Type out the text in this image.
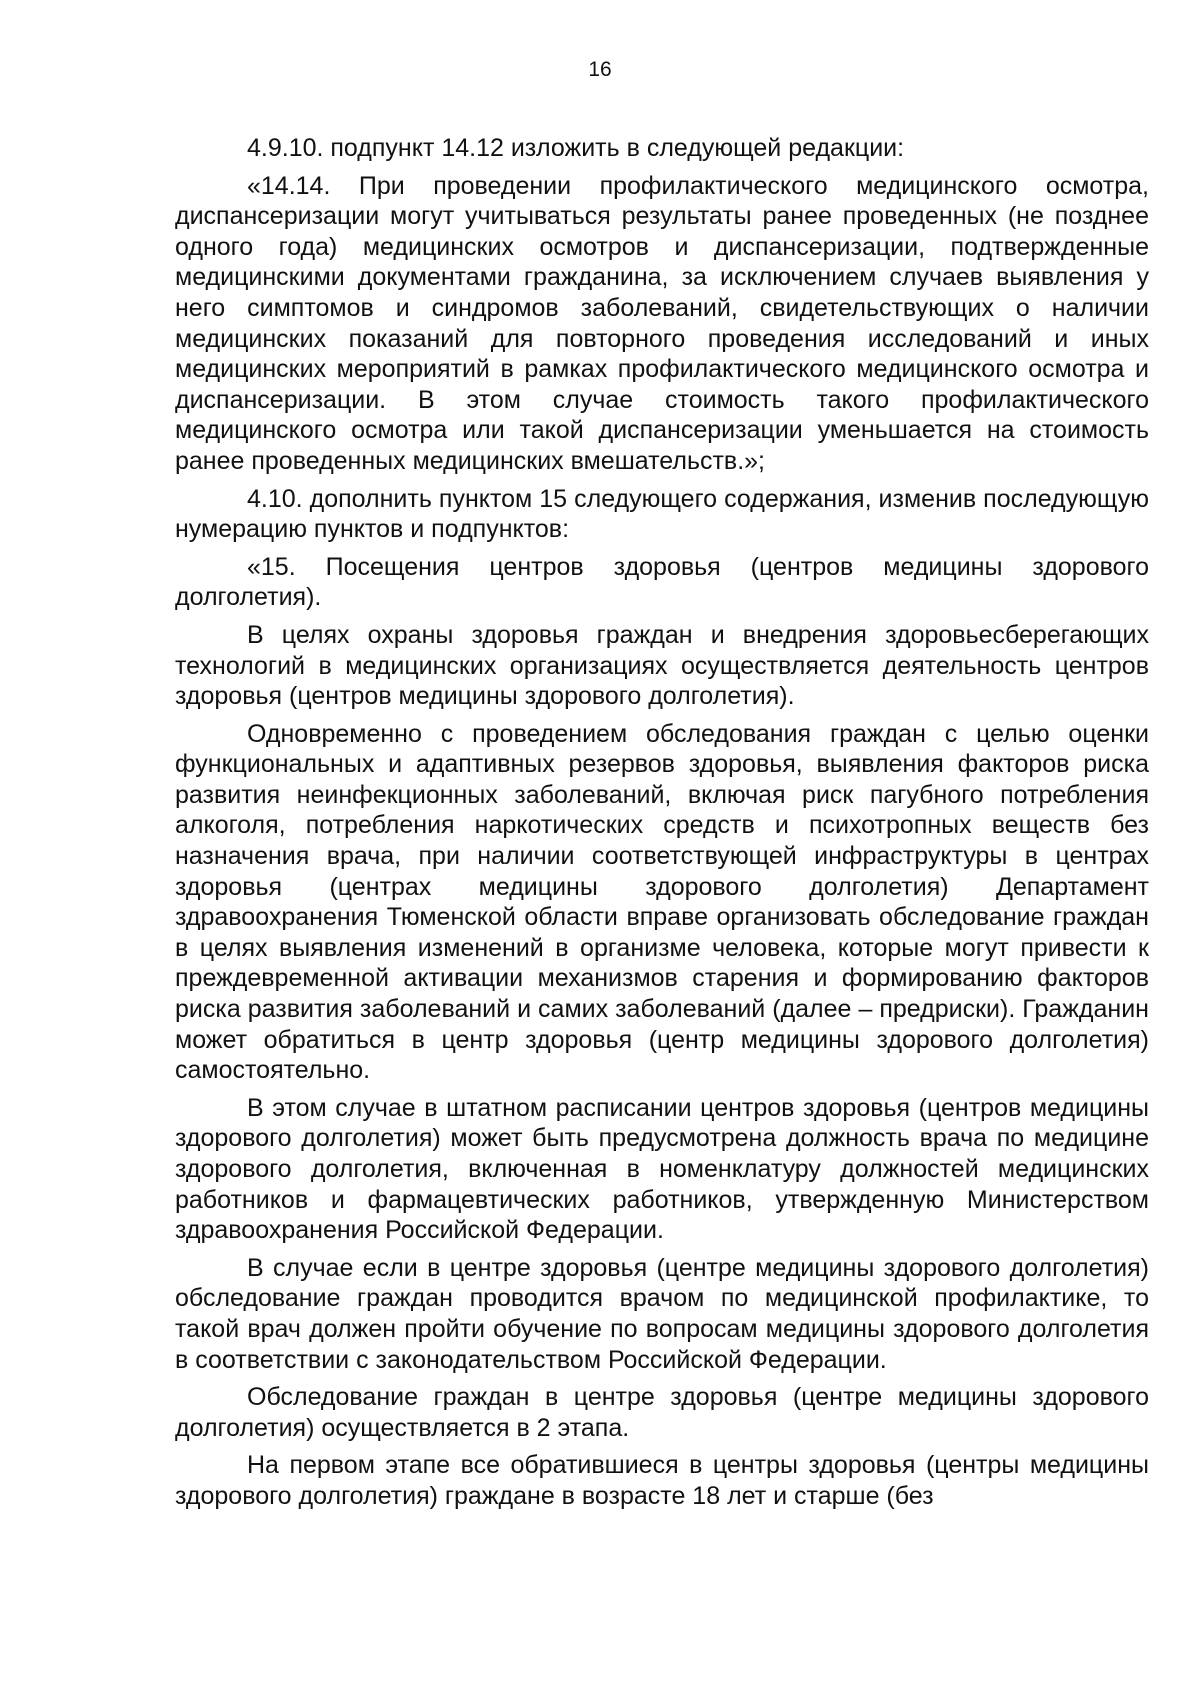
16

4.9.10. подпункт 14.12 изложить в следующей редакции:

«14.14. При проведении профилактического медицинского осмотра, диспансеризации могут учитываться результаты ранее проведенных (не позднее одного года) медицинских осмотров и диспансеризации, подтвержденные медицинскими документами гражданина, за исключением случаев выявления у него симптомов и синдромов заболеваний, свидетельствующих о наличии медицинских показаний для повторного проведения исследований и иных медицинских мероприятий в рамках профилактического медицинского осмотра и диспансеризации. В этом случае стоимость такого профилактического медицинского осмотра или такой диспансеризации уменьшается на стоимость ранее проведенных медицинских вмешательств.»;

4.10. дополнить пунктом 15 следующего содержания, изменив последующую нумерацию пунктов и подпунктов:

«15. Посещения центров здоровья (центров медицины здорового долголетия).

В целях охраны здоровья граждан и внедрения здоровьесберегающих технологий в медицинских организациях осуществляется деятельность центров здоровья (центров медицины здорового долголетия).

Одновременно с проведением обследования граждан с целью оценки функциональных и адаптивных резервов здоровья, выявления факторов риска развития неинфекционных заболеваний, включая риск пагубного потребления алкоголя, потребления наркотических средств и психотропных веществ без назначения врача, при наличии соответствующей инфраструктуры в центрах здоровья (центрах медицины здорового долголетия) Департамент здравоохранения Тюменской области вправе организовать обследование граждан в целях выявления изменений в организме человека, которые могут привести к преждевременной активации механизмов старения и формированию факторов риска развития заболеваний и самих заболеваний (далее – предриски). Гражданин может обратиться в центр здоровья (центр медицины здорового долголетия) самостоятельно.

В этом случае в штатном расписании центров здоровья (центров медицины здорового долголетия) может быть предусмотрена должность врача по медицине здорового долголетия, включенная в номенклатуру должностей медицинских работников и фармацевтических работников, утвержденную Министерством здравоохранения Российской Федерации.

В случае если в центре здоровья (центре медицины здорового долголетия) обследование граждан проводится врачом по медицинской профилактике, то такой врач должен пройти обучение по вопросам медицины здорового долголетия в соответствии с законодательством Российской Федерации.

Обследование граждан в центре здоровья (центре медицины здорового долголетия) осуществляется в 2 этапа.

На первом этапе все обратившиеся в центры здоровья (центры медицины здорового долголетия) граждане в возрасте 18 лет и старше (без
